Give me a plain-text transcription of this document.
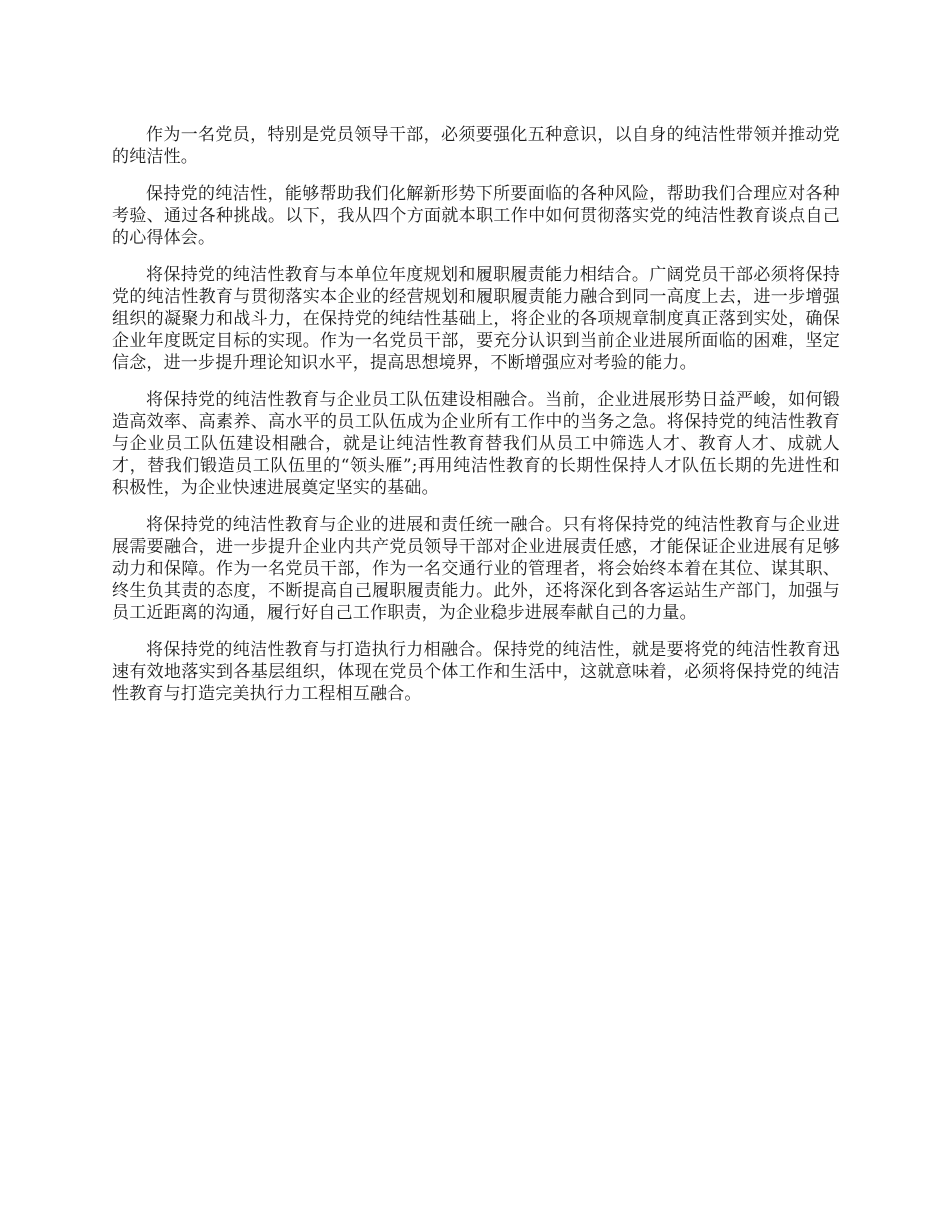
作为一名党员，特别是党员领导干部，必须要强化五种意识，以自身的纯洁性带领并推动党的纯洁性。

保持党的纯洁性，能够帮助我们化解新形势下所要面临的各种风险，帮助我们合理应对各种考验、通过各种挑战。以下，我从四个方面就本职工作中如何贯彻落实党的纯洁性教育谈点自己的心得体会。

将保持党的纯洁性教育与本单位年度规划和履职履责能力相结合。广阔党员干部必须将保持党的纯洁性教育与贯彻落实本企业的经营规划和履职履责能力融合到同一高度上去，进一步增强组织的凝聚力和战斗力，在保持党的纯结性基础上，将企业的各项规章制度真正落到实处，确保企业年度既定目标的实现。作为一名党员干部，要充分认识到当前企业进展所面临的困难，坚定信念，进一步提升理论知识水平，提高思想境界，不断增强应对考验的能力。

将保持党的纯洁性教育与企业员工队伍建设相融合。当前，企业进展形势日益严峻，如何锻造高效率、高素养、高水平的员工队伍成为企业所有工作中的当务之急。将保持党的纯洁性教育与企业员工队伍建设相融合，就是让纯洁性教育替我们从员工中筛选人才、教育人才、成就人才，替我们锻造员工队伍里的“领头雁”;再用纯洁性教育的长期性保持人才队伍长期的先进性和积极性，为企业快速进展奠定坚实的基础。

将保持党的纯洁性教育与企业的进展和责任统一融合。只有将保持党的纯洁性教育与企业进展需要融合，进一步提升企业内共产党员领导干部对企业进展责任感，才能保证企业进展有足够动力和保障。作为一名党员干部，作为一名交通行业的管理者，将会始终本着在其位、谋其职、终生负其责的态度，不断提高自己履职履责能力。此外，还将深化到各客运站生产部门，加强与员工近距离的沟通，履行好自己工作职责，为企业稳步进展奉献自己的力量。

将保持党的纯洁性教育与打造执行力相融合。保持党的纯洁性，就是要将党的纯洁性教育迅速有效地落实到各基层组织，体现在党员个体工作和生活中，这就意味着，必须将保持党的纯洁性教育与打造完美执行力工程相互融合。
